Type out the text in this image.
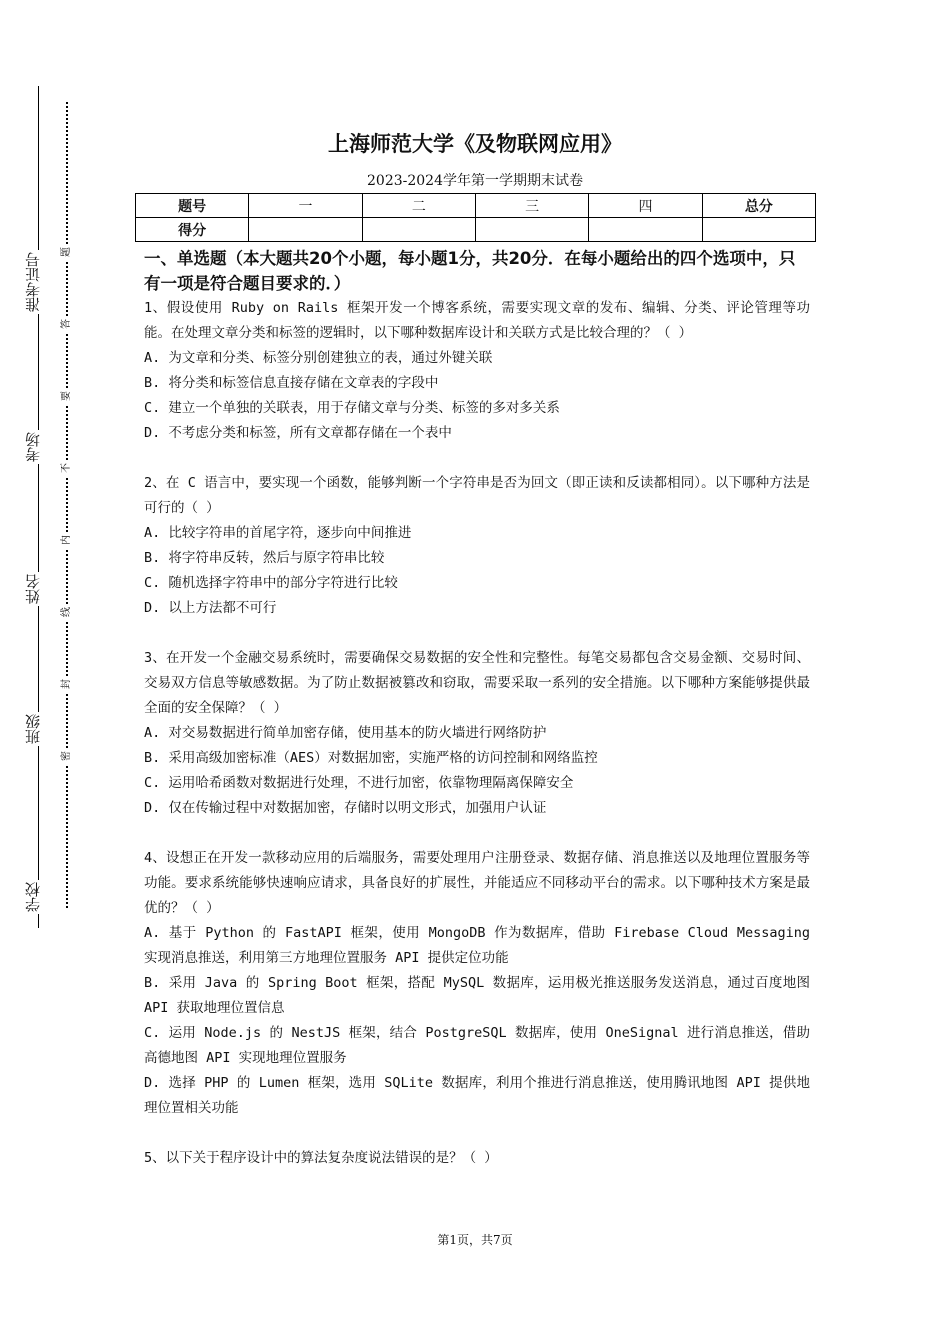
准考证号
考场
姓名
班级
学校
题
答
要
不
内
线
封
密
上海师范大学《及物联网应用》
2023-2024学年第一学期期末试卷
题号	一	二	三	四	总分
得分					

一、单选题（本大题共20个小题，每小题1分，共20分．在每小题给出的四个选项中，只有一项是符合题目要求的．）

1、假设使用 Ruby on Rails 框架开发一个博客系统，需要实现文章的发布、编辑、分类、评论管理等功能。在处理文章分类和标签的逻辑时，以下哪种数据库设计和关联方式是比较合理的？（ ）

A. 为文章和分类、标签分别创建独立的表，通过外键关联

B. 将分类和标签信息直接存储在文章表的字段中

C. 建立一个单独的关联表，用于存储文章与分类、标签的多对多关系

D. 不考虑分类和标签，所有文章都存储在一个表中

2、在 C 语言中，要实现一个函数，能够判断一个字符串是否为回文（即正读和反读都相同）。以下哪种方法是可行的（ ）

A. 比较字符串的首尾字符，逐步向中间推进

B. 将字符串反转，然后与原字符串比较

C. 随机选择字符串中的部分字符进行比较

D. 以上方法都不可行

3、在开发一个金融交易系统时，需要确保交易数据的安全性和完整性。每笔交易都包含交易金额、交易时间、交易双方信息等敏感数据。为了防止数据被篡改和窃取，需要采取一系列的安全措施。以下哪种方案能够提供最全面的安全保障？（ ）

A. 对交易数据进行简单加密存储，使用基本的防火墙进行网络防护

B. 采用高级加密标准（AES）对数据加密，实施严格的访问控制和网络监控

C. 运用哈希函数对数据进行处理，不进行加密，依靠物理隔离保障安全

D. 仅在传输过程中对数据加密，存储时以明文形式，加强用户认证

4、设想正在开发一款移动应用的后端服务，需要处理用户注册登录、数据存储、消息推送以及地理位置服务等功能。要求系统能够快速响应请求，具备良好的扩展性，并能适应不同移动平台的需求。以下哪种技术方案是最优的？（ ）

A. 基于 Python 的 FastAPI 框架，使用 MongoDB 作为数据库，借助 Firebase Cloud Messaging 实现消息推送，利用第三方地理位置服务 API 提供定位功能

B. 采用 Java 的 Spring Boot 框架，搭配 MySQL 数据库，运用极光推送服务发送消息，通过百度地图 API 获取地理位置信息

C. 运用 Node.js 的 NestJS 框架，结合 PostgreSQL 数据库，使用 OneSignal 进行消息推送，借助高德地图 API 实现地理位置服务

D. 选择 PHP 的 Lumen 框架，选用 SQLite 数据库，利用个推进行消息推送，使用腾讯地图 API 提供地理位置相关功能

5、以下关于程序设计中的算法复杂度说法错误的是？（ ）

第1页，共7页
